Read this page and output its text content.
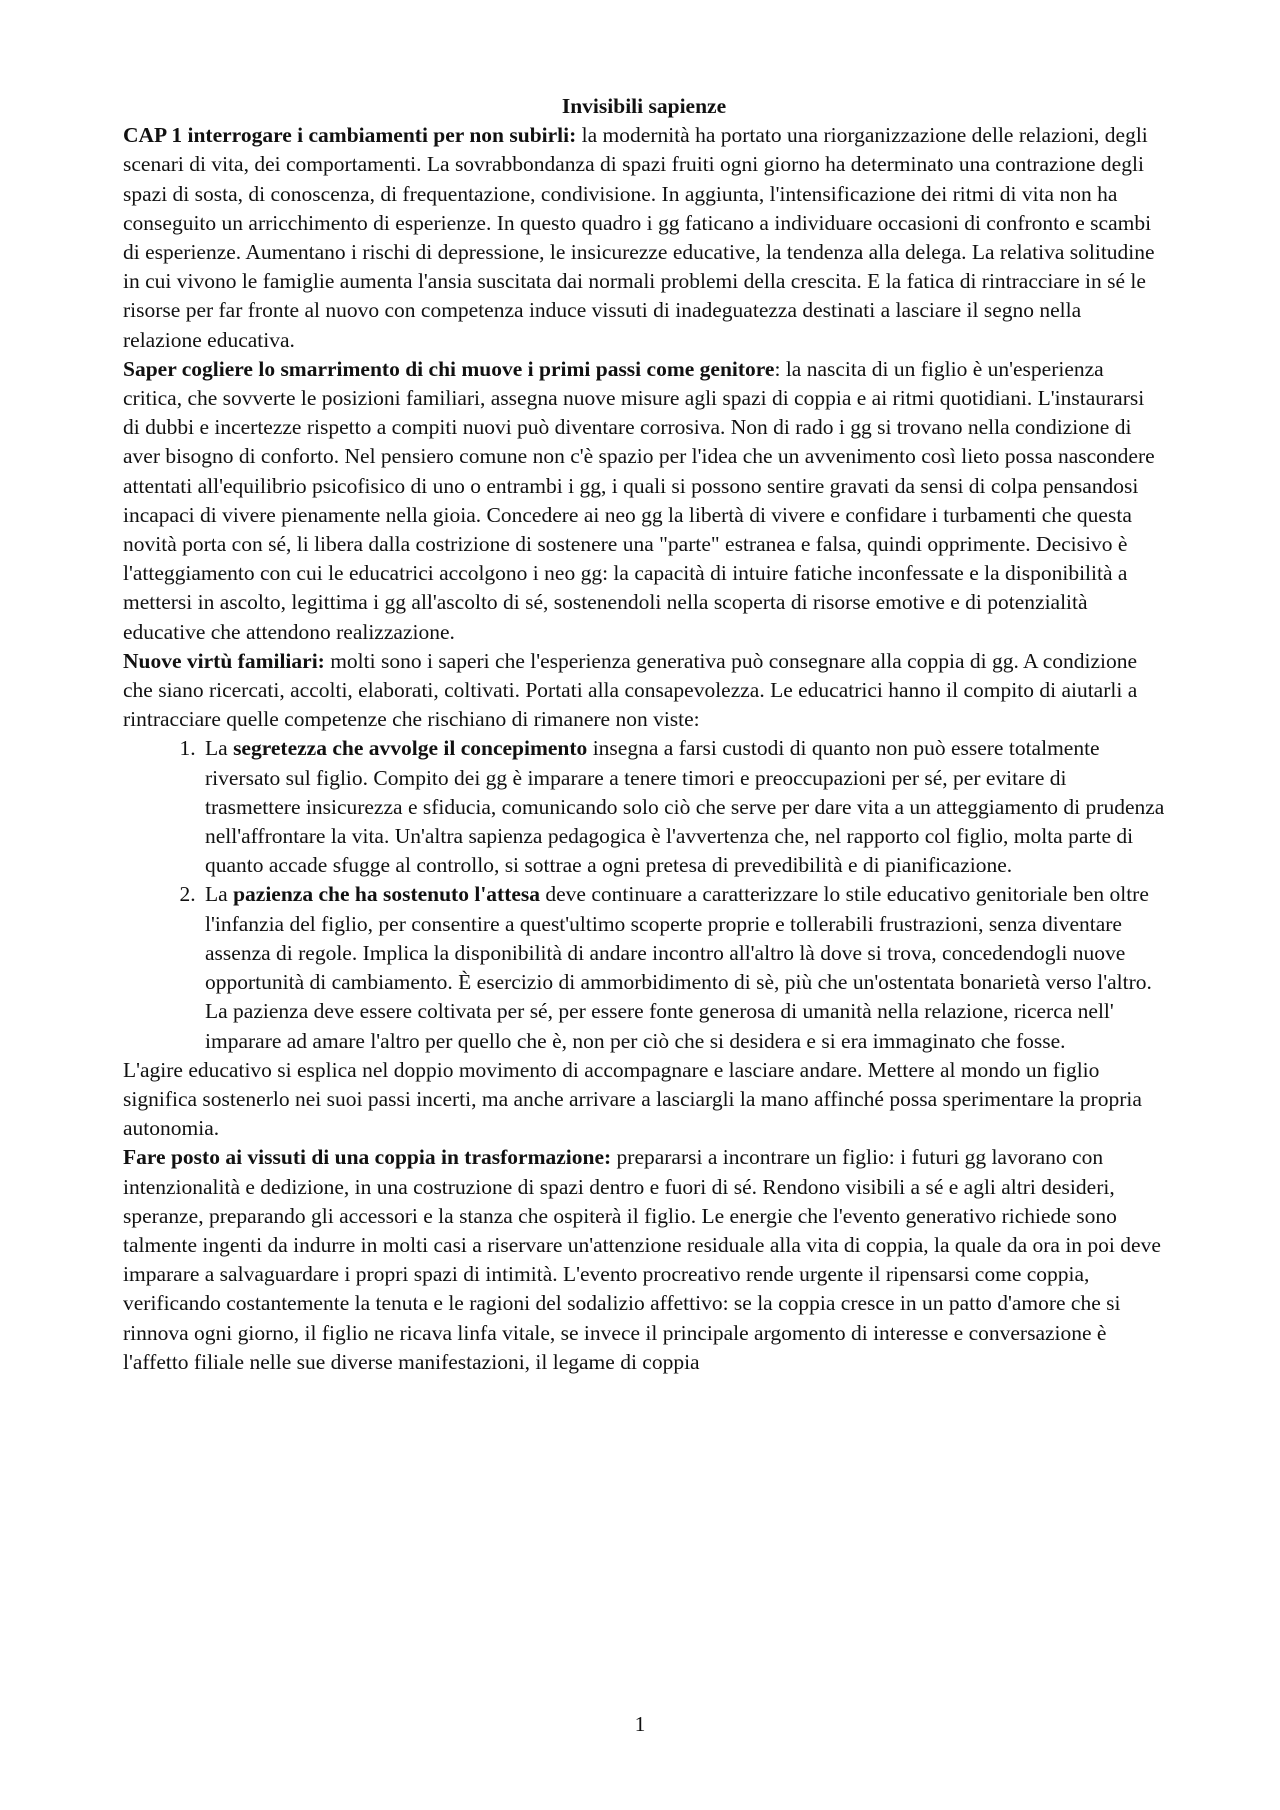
Invisibili sapienze

CAP 1 interrogare i cambiamenti per non subirli: la modernità ha portato una riorganizzazione delle relazioni, degli scenari di vita, dei comportamenti. La sovrabbondanza di spazi fruiti ogni giorno ha determinato una contrazione degli spazi di sosta, di conoscenza, di frequentazione, condivisione. In aggiunta, l'intensificazione dei ritmi di vita non ha conseguito un arricchimento di esperienze. In questo quadro i gg faticano a individuare occasioni di confronto e scambi di esperienze. Aumentano i rischi di depressione, le insicurezze educative, la tendenza alla delega. La relativa solitudine in cui vivono le famiglie aumenta l'ansia suscitata dai normali problemi della crescita. E la fatica di rintracciare in sé le risorse per far fronte al nuovo con competenza induce vissuti di inadeguatezza destinati a lasciare il segno nella relazione educativa.

Saper cogliere lo smarrimento di chi muove i primi passi come genitore: la nascita di un figlio è un'esperienza critica, che sovverte le posizioni familiari, assegna nuove misure agli spazi di coppia e ai ritmi quotidiani. L'instaurarsi di dubbi e incertezze rispetto a compiti nuovi può diventare corrosiva. Non di rado i gg si trovano nella condizione di aver bisogno di conforto. Nel pensiero comune non c'è spazio per l'idea che un avvenimento così lieto possa nascondere attentati all'equilibrio psicofisico di uno o entrambi i gg, i quali si possono sentire gravati da sensi di colpa pensandosi incapaci di vivere pienamente nella gioia. Concedere ai neo gg la libertà di vivere e confidare i turbamenti che questa novità porta con sé, li libera dalla costrizione di sostenere una "parte" estranea e falsa, quindi opprimente. Decisivo è l'atteggiamento con cui le educatrici accolgono i neo gg: la capacità di intuire fatiche inconfessate e la disponibilità a mettersi in ascolto, legittima i gg all'ascolto di sé, sostenendoli nella scoperta di risorse emotive e di potenzialità educative che attendono realizzazione.

Nuove virtù familiari: molti sono i saperi che l'esperienza generativa può consegnare alla coppia di gg. A condizione che siano ricercati, accolti, elaborati, coltivati. Portati alla consapevolezza. Le educatrici hanno il compito di aiutarli a rintracciare quelle competenze che rischiano di rimanere non viste:

1. La segretezza che avvolge il concepimento insegna a farsi custodi di quanto non può essere totalmente riversato sul figlio. Compito dei gg è imparare a tenere timori e preoccupazioni per sé, per evitare di trasmettere insicurezza e sfiducia, comunicando solo ciò che serve per dare vita a un atteggiamento di prudenza nell'affrontare la vita. Un'altra sapienza pedagogica è l'avvertenza che, nel rapporto col figlio, molta parte di quanto accade sfugge al controllo, si sottrae a ogni pretesa di prevedibilità e di pianificazione.
2. La pazienza che ha sostenuto l'attesa deve continuare a caratterizzare lo stile educativo genitoriale ben oltre l'infanzia del figlio, per consentire a quest'ultimo scoperte proprie e tollerabili frustrazioni, senza diventare assenza di regole. Implica la disponibilità di andare incontro all'altro là dove si trova, concedendogli nuove opportunità di cambiamento. È esercizio di ammorbidimento di sè, più che un'ostentata bonarietà verso l'altro. La pazienza deve essere coltivata per sé, per essere fonte generosa di umanità nella relazione, ricerca nell' imparare ad amare l'altro per quello che è, non per ciò che si desidera e si era immaginato che fosse.

L'agire educativo si esplica nel doppio movimento di accompagnare e lasciare andare. Mettere al mondo un figlio significa sostenerlo nei suoi passi incerti, ma anche arrivare a lasciargli la mano affinché possa sperimentare la propria autonomia.

Fare posto ai vissuti di una coppia in trasformazione: prepararsi a incontrare un figlio: i futuri gg lavorano con intenzionalità e dedizione, in una costruzione di spazi dentro e fuori di sé. Rendono visibili a sé e agli altri desideri, speranze, preparando gli accessori e la stanza che ospiterà il figlio. Le energie che l'evento generativo richiede sono talmente ingenti da indurre in molti casi a riservare un'attenzione residuale alla vita di coppia, la quale da ora in poi deve imparare a salvaguardare i propri spazi di intimità. L'evento procreativo rende urgente il ripensarsi come coppia, verificando costantemente la tenuta e le ragioni del sodalizio affettivo: se la coppia cresce in un patto d'amore che si rinnova ogni giorno, il figlio ne ricava linfa vitale, se invece il principale argomento di interesse e conversazione è l'affetto filiale nelle sue diverse manifestazioni, il legame di coppia

1
